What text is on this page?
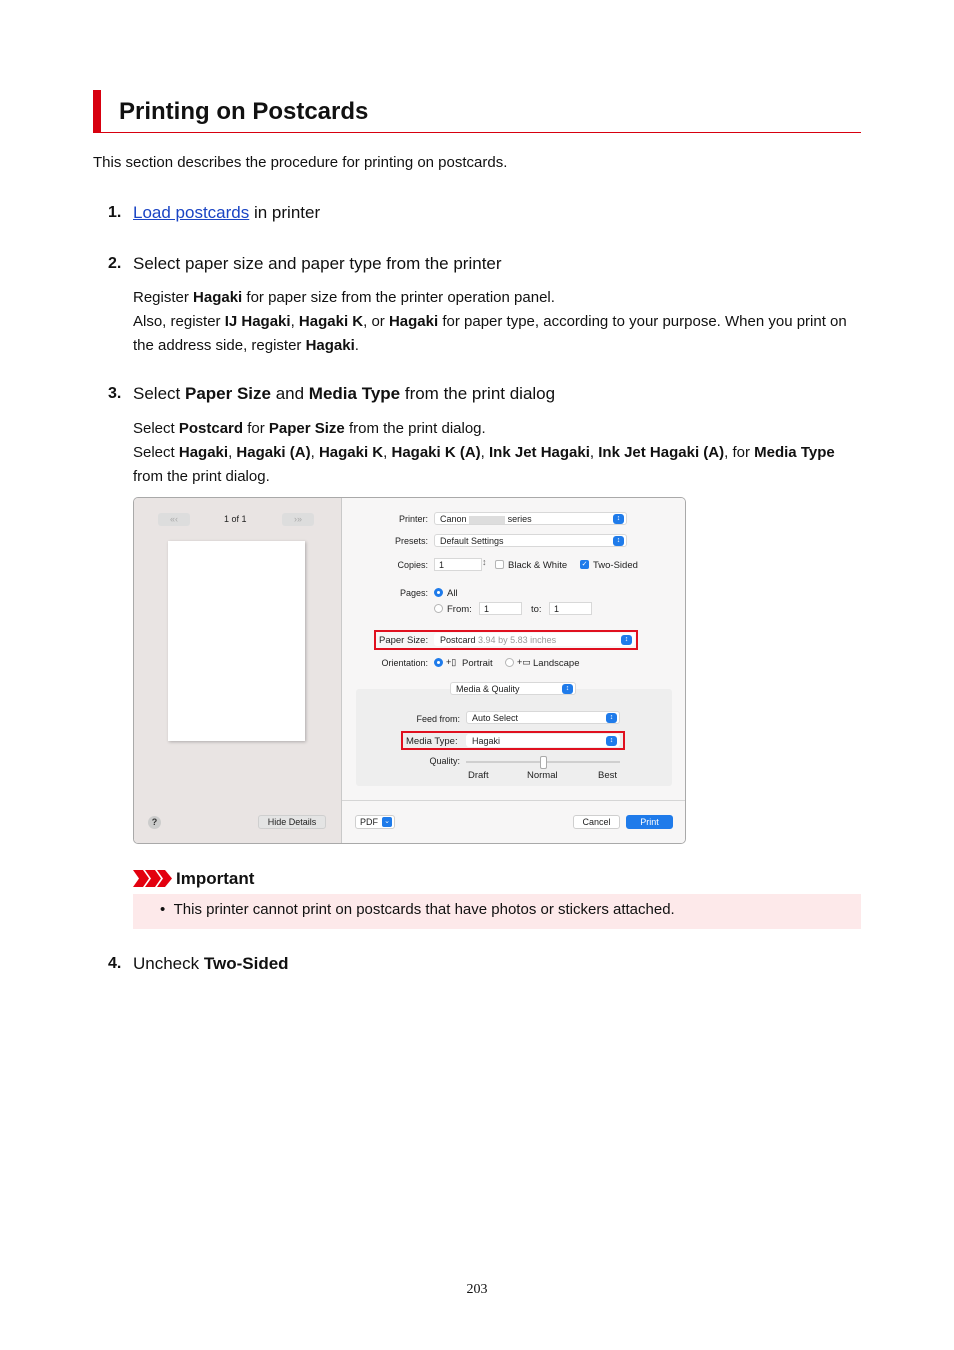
Printing on Postcards
This section describes the procedure for printing on postcards.
1. Load postcards in printer
2. Select paper size and paper type from the printer
Register Hagaki for paper size from the printer operation panel.
Also, register IJ Hagaki, Hagaki K, or Hagaki for paper type, according to your purpose. When you print on the address side, register Hagaki.
3. Select Paper Size and Media Type from the print dialog
Select Postcard for Paper Size from the print dialog.
Select Hagaki, Hagaki (A), Hagaki K, Hagaki K (A), Ink Jet Hagaki, Ink Jet Hagaki (A), for Media Type from the print dialog.
«‹	1 of 1	›»
?	Hide Details
Printer:	Canon	series	↕
Presets:	Default Settings	↕
Copies:	1	↕ Black & White ✓ Two-Sided
Pages: All
From:	1	to:	1
Paper Size:	Postcard 3.94 by 5.83 inches	↕
Orientation: +▯ Portrait	+▭ Landscape
Media & Quality	↕
Feed from:	Auto Select	↕
Media Type:	Hagaki	↕
Quality:
Draft	Normal	Best
PDF ⌄	Cancel	Print
Important
• This printer cannot print on postcards that have photos or stickers attached.
4. Uncheck Two-Sided
203
